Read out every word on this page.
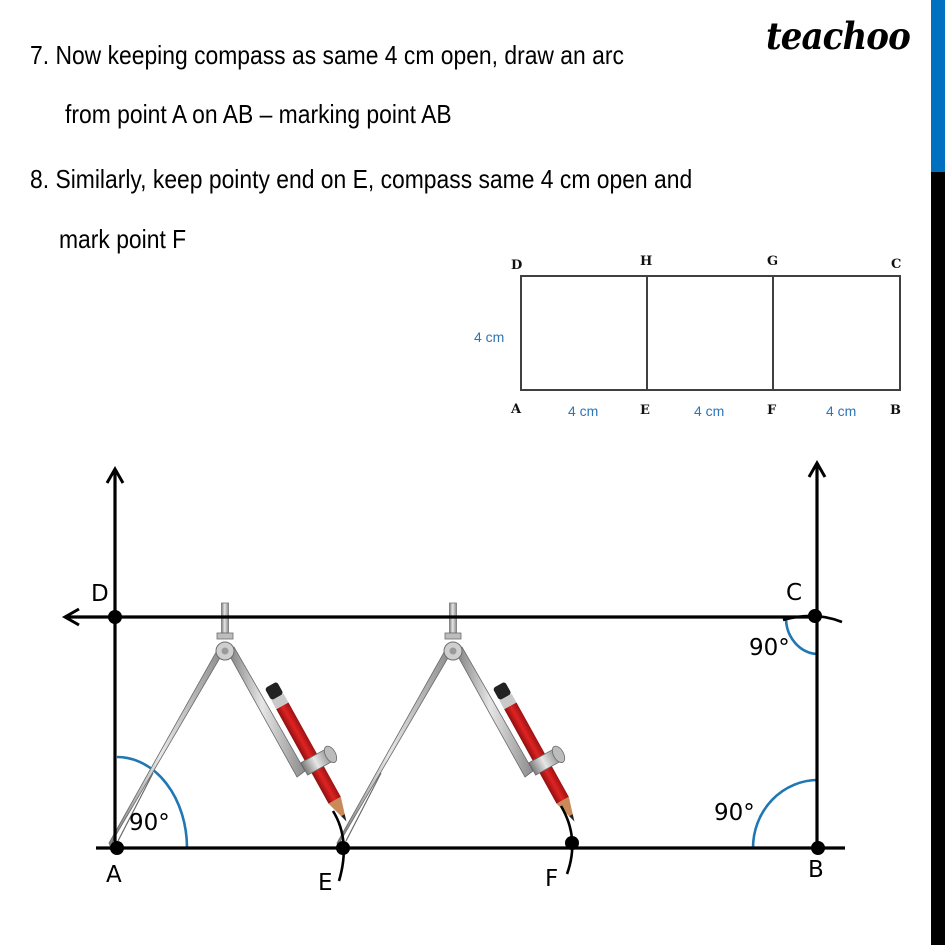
teachoo
7. Now keeping compass as same 4 cm open, draw an arc
from point A on AB – marking point AB
8. Similarly, keep pointy end on E, compass same 4 cm open and
mark point F
D	H	G	C
A	E	F	B
4 cm
4 cm	4 cm	4 cm
A	E	F	B
C
D
90°	90°
90°
